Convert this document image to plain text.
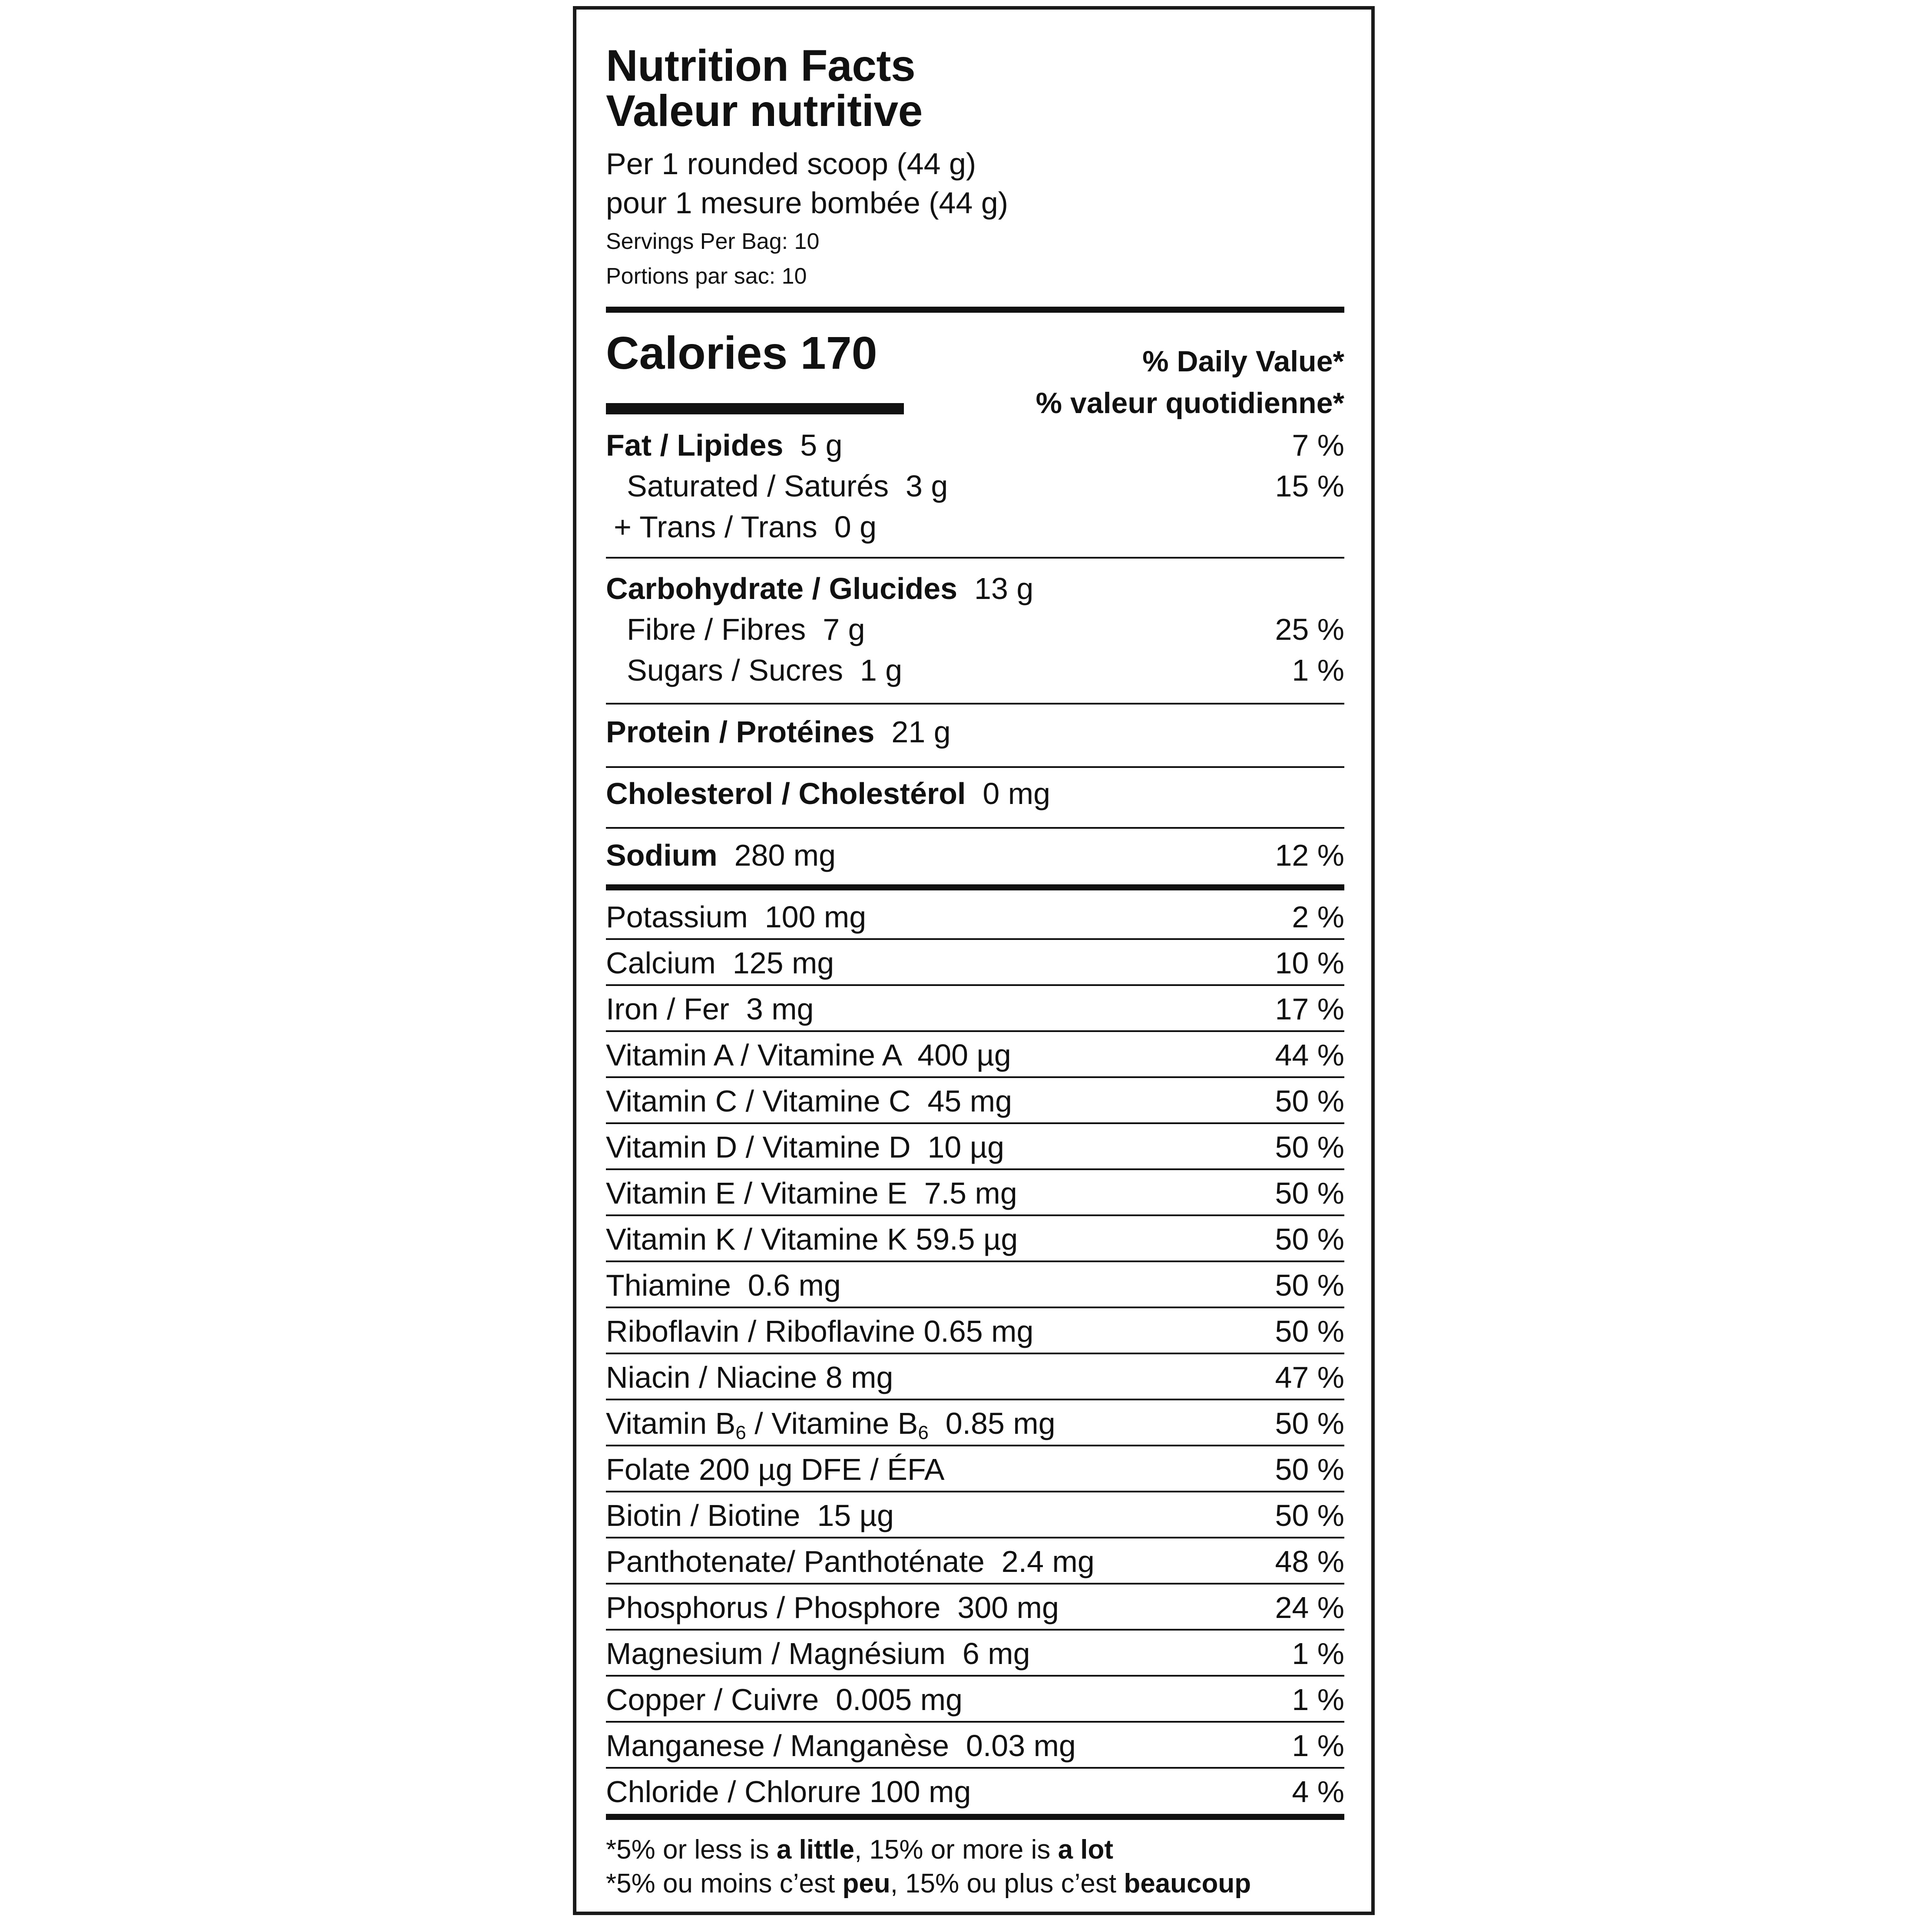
Nutrition Facts
Valeur nutritive
Per 1 rounded scoop (44 g)
pour 1 mesure bombée (44 g)
Servings Per Bag: 10
Portions par sac: 10
Calories 170	% Daily Value*
% valeur quotidienne*
Fat / Lipides 5 g	7 %
Saturated / Saturés 3 g	15 %
+ Trans / Trans 0 g
Carbohydrate / Glucides 13 g
Fibre / Fibres 7 g	25 %
Sugars / Sucres 1 g	1 %
Protein / Protéines 21 g
Cholesterol / Cholestérol 0 mg
Sodium 280 mg	12 %
Potassium  100 mg	2 %
Calcium  125 mg	10 %
Iron / Fer  3 mg	17 %
Vitamin A / Vitamine A  400 µg	44 %
Vitamin C / Vitamine C  45 mg	50 %
Vitamin D / Vitamine D  10 µg	50 %
Vitamin E / Vitamine E  7.5 mg	50 %
Vitamin K / Vitamine K 59.5 µg	50 %
Thiamine  0.6 mg	50 %
Riboflavin / Riboflavine 0.65 mg	50 %
Niacin / Niacine 8 mg	47 %
Vitamin B6 / Vitamine B6  0.85 mg	50 %
Folate 200 µg DFE / ÉFA	50 %
Biotin / Biotine  15 µg	50 %
Panthotenate/ Panthoténate  2.4 mg	48 %
Phosphorus / Phosphore  300 mg	24 %
Magnesium / Magnésium  6 mg	1 %
Copper / Cuivre  0.005 mg	1 %
Manganese / Manganèse  0.03 mg	1 %
Chloride / Chlorure 100 mg	4 %
*5% or less is a little, 15% or more is a lot
*5% ou moins c’est peu, 15% ou plus c’est beaucoup
